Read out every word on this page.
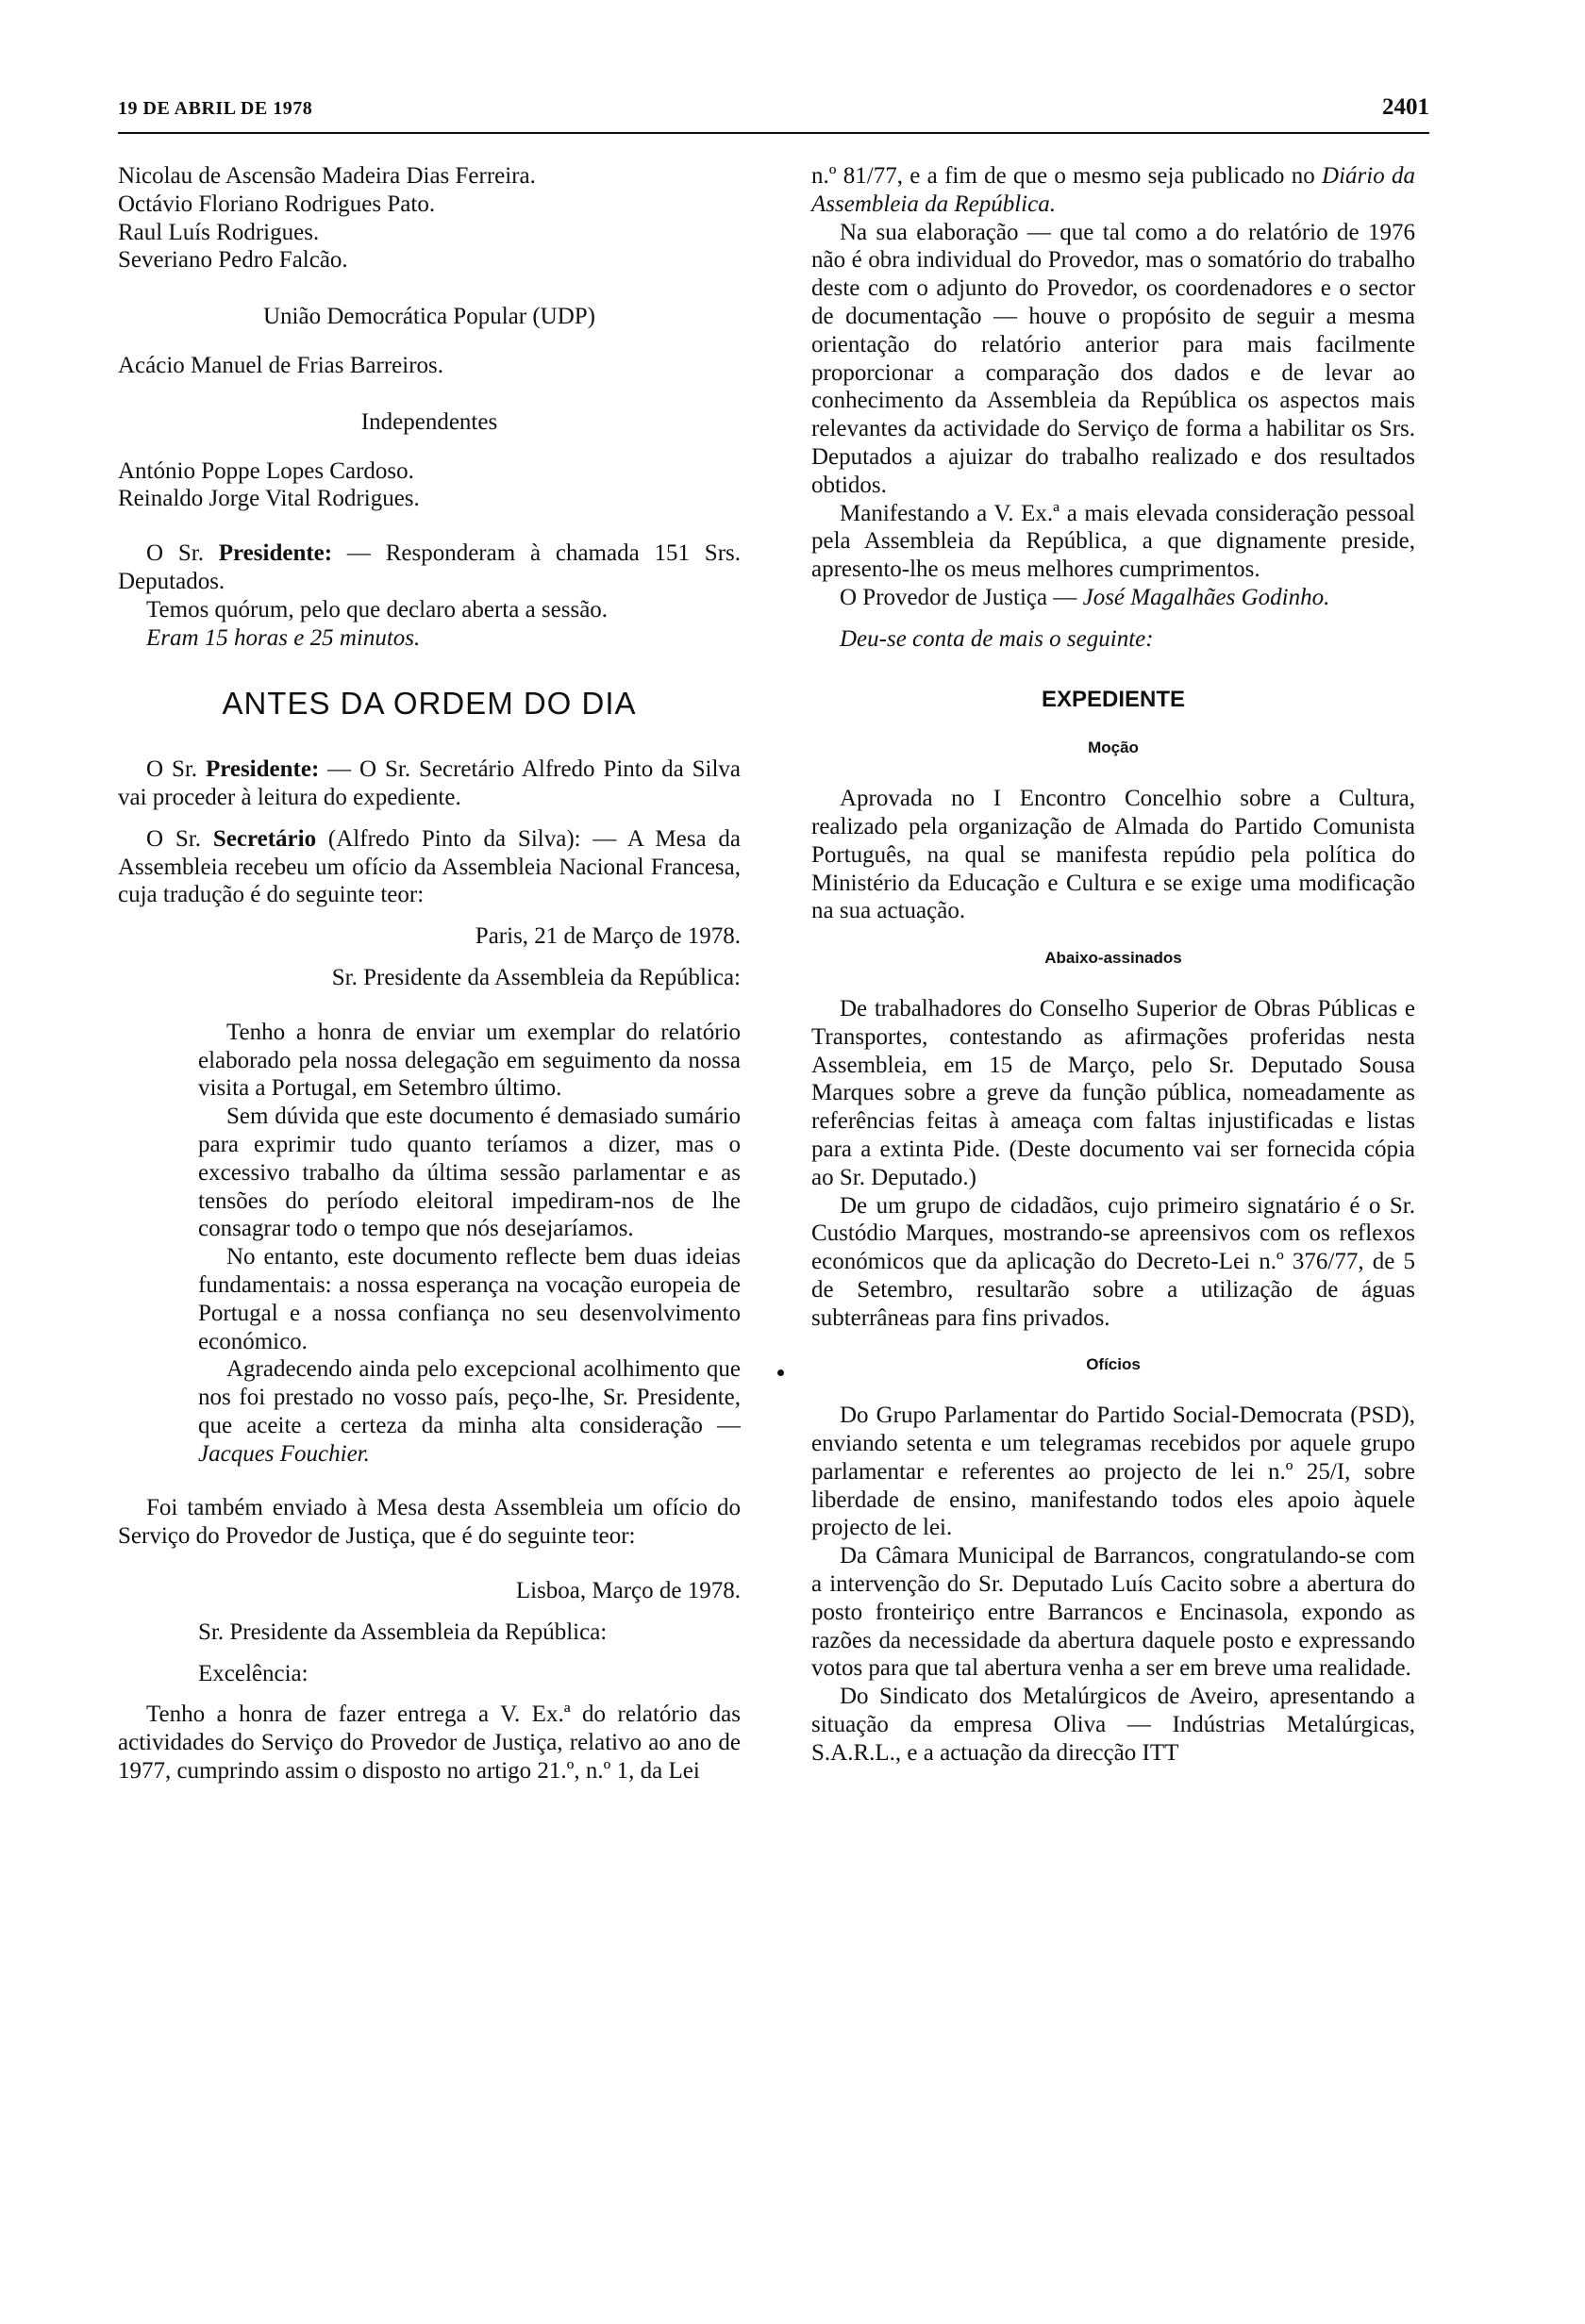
19 DE ABRIL DE 1978	2401

Nicolau de Ascensão Madeira Dias Ferreira.

Octávio Floriano Rodrigues Pato.

Raul Luís Rodrigues.

Severiano Pedro Falcão.

União Democrática Popular (UDP)

Acácio Manuel de Frias Barreiros.

Independentes

António Poppe Lopes Cardoso.

Reinaldo Jorge Vital Rodrigues.

O Sr. Presidente: — Responderam à chamada 151 Srs. Deputados.

Temos quórum, pelo que declaro aberta a sessão.

Eram 15 horas e 25 minutos.

ANTES DA ORDEM DO DIA

O Sr. Presidente: — O Sr. Secretário Alfredo Pinto da Silva vai proceder à leitura do expediente.

O Sr. Secretário (Alfredo Pinto da Silva): — A Mesa da Assembleia recebeu um ofício da Assembleia Nacional Francesa, cuja tradução é do seguinte teor:

Paris, 21 de Março de 1978.

Sr. Presidente da Assembleia da República:

Tenho a honra de enviar um exemplar do relatório elaborado pela nossa delegação em seguimento da nossa visita a Portugal, em Setembro último.

Sem dúvida que este documento é demasiado sumário para exprimir tudo quanto teríamos a dizer, mas o excessivo trabalho da última sessão parlamentar e as tensões do período eleitoral impediram-nos de lhe consagrar todo o tempo que nós desejaríamos.

No entanto, este documento reflecte bem duas ideias fundamentais: a nossa esperança na vocação europeia de Portugal e a nossa confiança no seu desenvolvimento económico.

Agradecendo ainda pelo excepcional acolhimento que nos foi prestado no vosso país, peço-lhe, Sr. Presidente, que aceite a certeza da minha alta consideração — Jacques Fouchier.

Foi também enviado à Mesa desta Assembleia um ofício do Serviço do Provedor de Justiça, que é do seguinte teor:

Lisboa, Março de 1978.

Sr. Presidente da Assembleia da República:

Excelência:

Tenho a honra de fazer entrega a V. Ex.ª do relatório das actividades do Serviço do Provedor de Justiça, relativo ao ano de 1977, cumprindo assim o disposto no artigo 21.º, n.º 1, da Lei

n.º 81/77, e a fim de que o mesmo seja publicado no Diário da Assembleia da República.

Na sua elaboração — que tal como a do relatório de 1976 não é obra individual do Provedor, mas o somatório do trabalho deste com o adjunto do Provedor, os coordenadores e o sector de documentação — houve o propósito de seguir a mesma orientação do relatório anterior para mais facilmente proporcionar a comparação dos dados e de levar ao conhecimento da Assembleia da República os aspectos mais relevantes da actividade do Serviço de forma a habilitar os Srs. Deputados a ajuizar do trabalho realizado e dos resultados obtidos.

Manifestando a V. Ex.ª a mais elevada consideração pessoal pela Assembleia da República, a que dignamente preside, apresento-lhe os meus melhores cumprimentos.

O Provedor de Justiça — José Magalhães Godinho.

Deu-se conta de mais o seguinte:

EXPEDIENTE
Moção

Aprovada no I Encontro Concelhio sobre a Cultura, realizado pela organização de Almada do Partido Comunista Português, na qual se manifesta repúdio pela política do Ministério da Educação e Cultura e se exige uma modificação na sua actuação.

Abaixo-assinados

De trabalhadores do Conselho Superior de Obras Públicas e Transportes, contestando as afirmações proferidas nesta Assembleia, em 15 de Março, pelo Sr. Deputado Sousa Marques sobre a greve da função pública, nomeadamente as referências feitas à ameaça com faltas injustificadas e listas para a extinta Pide. (Deste documento vai ser fornecida cópia ao Sr. Deputado.)

De um grupo de cidadãos, cujo primeiro signatário é o Sr. Custódio Marques, mostrando-se apreensivos com os reflexos económicos que da aplicação do Decreto-Lei n.º 376/77, de 5 de Setembro, resultarão sobre a utilização de águas subterrâneas para fins privados.

Ofícios

Do Grupo Parlamentar do Partido Social-Democrata (PSD), enviando setenta e um telegramas recebidos por aquele grupo parlamentar e referentes ao projecto de lei n.º 25/I, sobre liberdade de ensino, manifestando todos eles apoio àquele projecto de lei.

Da Câmara Municipal de Barrancos, congratulando-se com a intervenção do Sr. Deputado Luís Cacito sobre a abertura do posto fronteiriço entre Barrancos e Encinasola, expondo as razões da necessidade da abertura daquele posto e expressando votos para que tal abertura venha a ser em breve uma realidade.

Do Sindicato dos Metalúrgicos de Aveiro, apresentando a situação da empresa Oliva — Indústrias Metalúrgicas, S.A.R.L., e a actuação da direcção ITT
